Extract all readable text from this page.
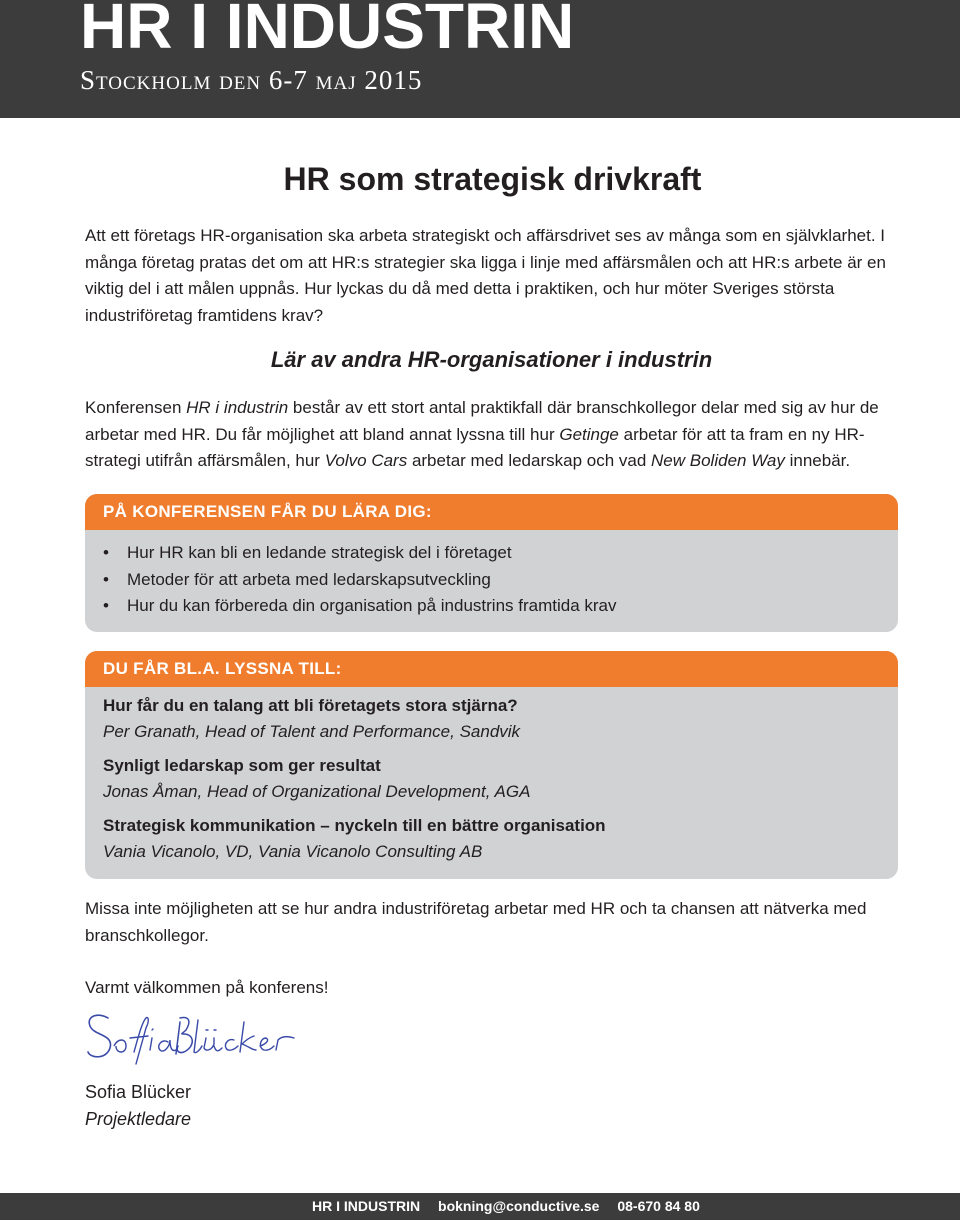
HR I INDUSTRIN
Stockholm den 6-7 maj 2015
HR som strategisk drivkraft
Att ett företags HR-organisation ska arbeta strategiskt och affärsdrivet ses av många som en självklarhet. I många företag pratas det om att HR:s strategier ska ligga i linje med affärsmålen och att HR:s arbete är en viktig del i att målen uppnås. Hur lyckas du då med detta i praktiken, och hur möter Sveriges största industriföretag framtidens krav?
Lär av andra HR-organisationer i industrin
Konferensen HR i industrin består av ett stort antal praktikfall där branschkollegor delar med sig av hur de arbetar med HR. Du får möjlighet att bland annat lyssna till hur Getinge arbetar för att ta fram en ny HR-strategi utifrån affärsmålen, hur Volvo Cars arbetar med ledarskap och vad New Boliden Way innebär.
PÅ KONFERENSEN FÅR DU LÄRA DIG:
• Hur HR kan bli en ledande strategisk del i företaget
• Metoder för att arbeta med ledarskapsutveckling
• Hur du kan förbereda din organisation på industrins framtida krav
DU FÅR BL.A. LYSSNA TILL:
Hur får du en talang att bli företagets stora stjärna?
Per Granath, Head of Talent and Performance, Sandvik
Synligt ledarskap som ger resultat
Jonas Åman, Head of Organizational Development, AGA
Strategisk kommunikation – nyckeln till en bättre organisation
Vania Vicanolo, VD, Vania Vicanolo Consulting AB
Missa inte möjligheten att se hur andra industriföretag arbetar med HR och ta chansen att nätverka med branschkollegor.
Varmt välkommen på konferens!
Sofia Blücker
Projektledare
HR I INDUSTRIN bokning@conductive.se 08-670 84 80
